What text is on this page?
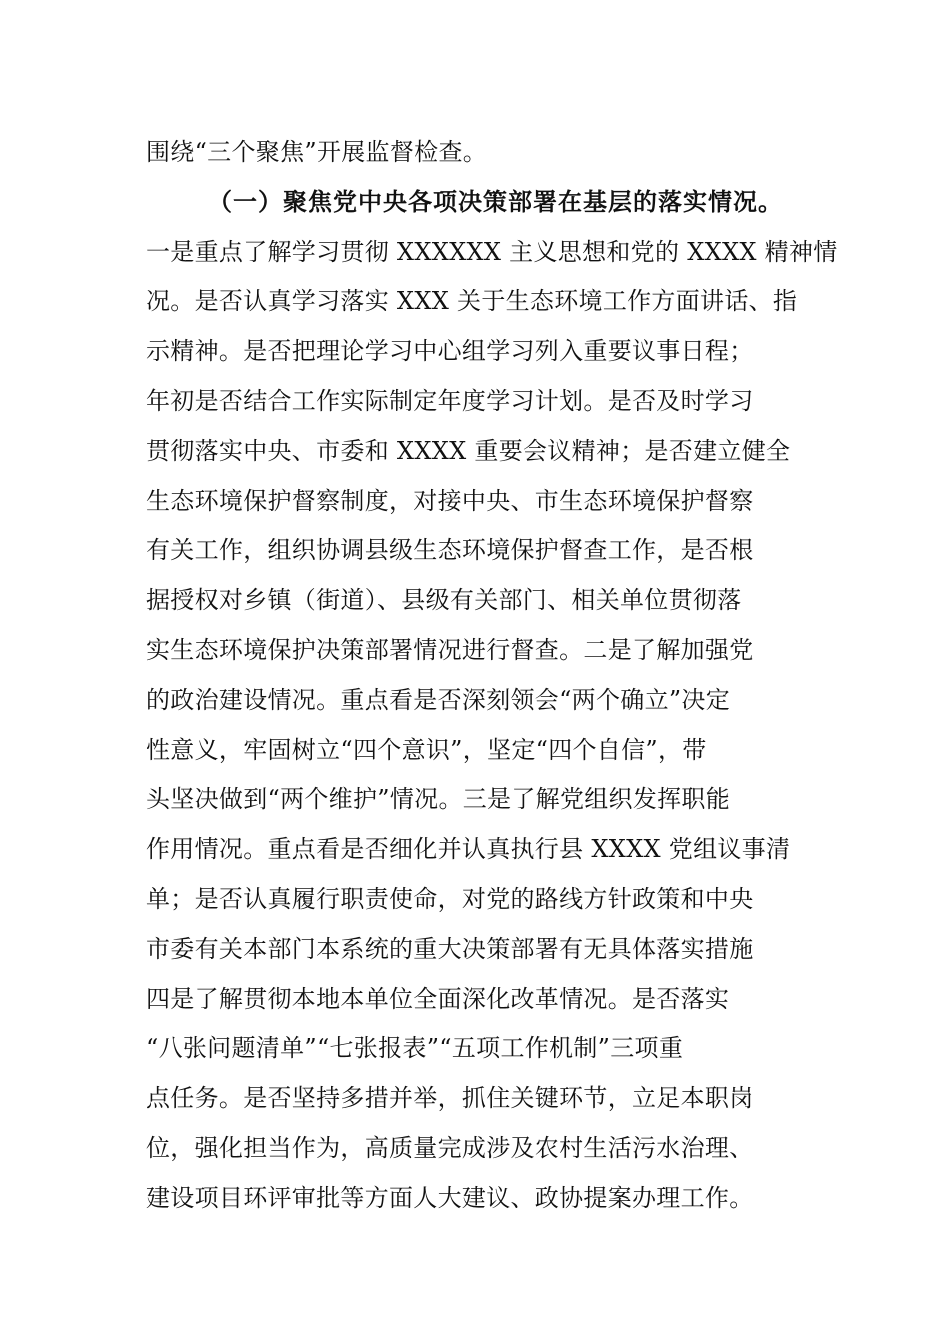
围绕“三个聚焦”开展监督检查。
（一）聚焦党中央各项决策部署在基层的落实情况。
一是重点了解学习贯彻 XXXXXX 主义思想和党的 XXXX 精神情
况。是否认真学习落实 XXX 关于生态环境工作方面讲话、指
示精神。是否把理论学习中心组学习列入重要议事日程；
年初是否结合工作实际制定年度学习计划。是否及时学习
贯彻落实中央、市委和 XXXX 重要会议精神；是否建立健全
生态环境保护督察制度，对接中央、市生态环境保护督察
有关工作，组织协调县级生态环境保护督查工作，是否根
据授权对乡镇（街道）、县级有关部门、相关单位贯彻落
实生态环境保护决策部署情况进行督查。二是了解加强党
的政治建设情况。重点看是否深刻领会“两个确立”决定
性意义，牢固树立“四个意识”，坚定“四个自信”，带
头坚决做到“两个维护”情况。三是了解党组织发挥职能
作用情况。重点看是否细化并认真执行县 XXXX 党组议事清
单；是否认真履行职责使命，对党的路线方针政策和中央
市委有关本部门本系统的重大决策部署有无具体落实措施
四是了解贯彻本地本单位全面深化改革情况。是否落实
“八张问题清单”“七张报表”“五项工作机制”三项重
点任务。是否坚持多措并举，抓住关键环节，立足本职岗
位，强化担当作为，高质量完成涉及农村生活污水治理、
建设项目环评审批等方面人大建议、政协提案办理工作。
